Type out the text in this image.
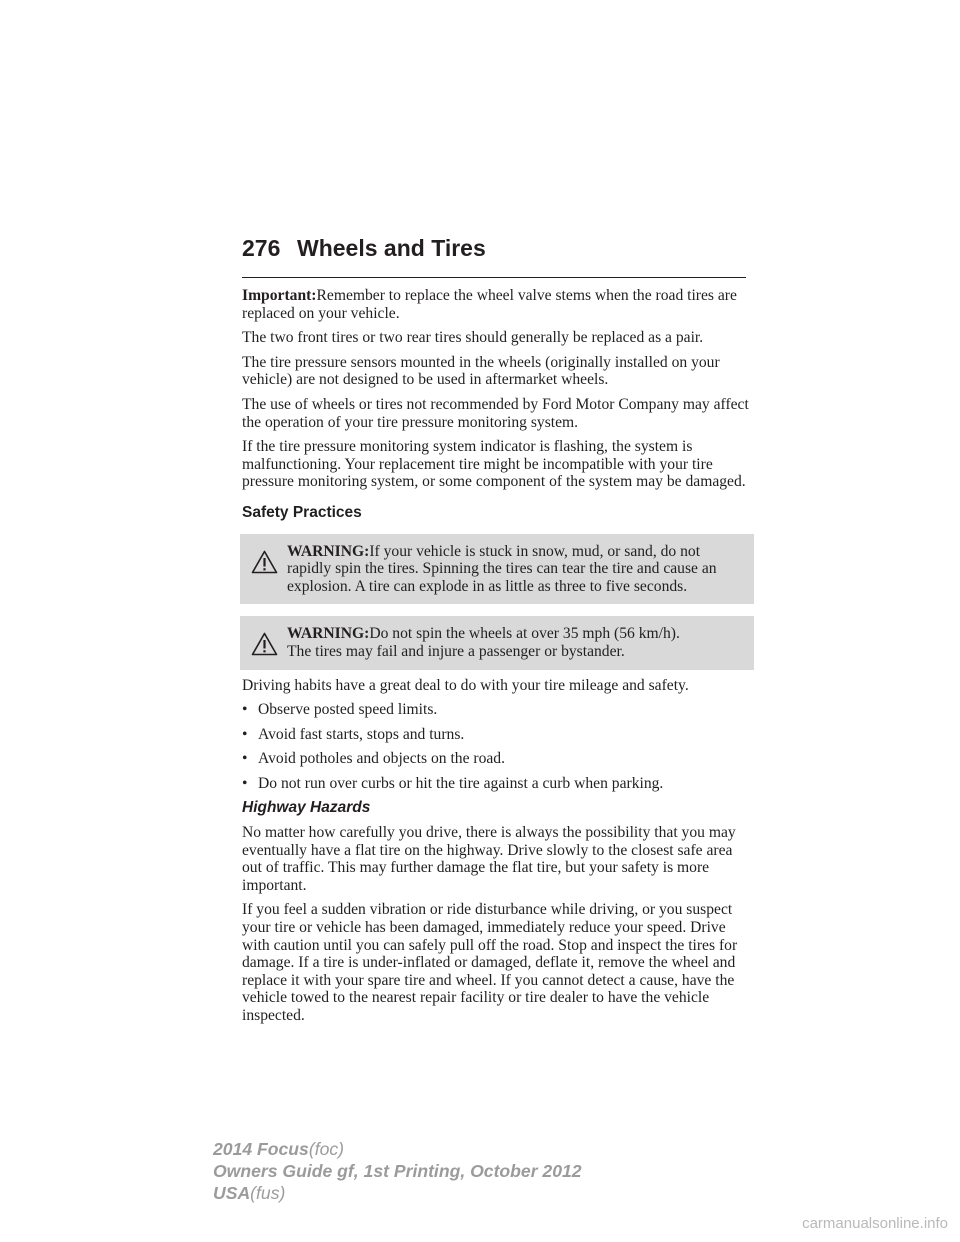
276 Wheels and Tires

Important:Remember to replace the wheel valve stems when the road tires are replaced on your vehicle.

The two front tires or two rear tires should generally be replaced as a pair.

The tire pressure sensors mounted in the wheels (originally installed on your vehicle) are not designed to be used in aftermarket wheels.

The use of wheels or tires not recommended by Ford Motor Company may affect the operation of your tire pressure monitoring system.

If the tire pressure monitoring system indicator is flashing, the system is malfunctioning. Your replacement tire might be incompatible with your tire pressure monitoring system, or some component of the system may be damaged.

Safety Practices
WARNING:If your vehicle is stuck in snow, mud, or sand, do not
rapidly spin the tires. Spinning the tires can tear the tire and cause an explosion. A tire can explode in as little as three to five seconds.
WARNING:Do not spin the wheels at over 35 mph (56 km/h).
The tires may fail and injure a passenger or bystander.

Driving habits have a great deal to do with your tire mileage and safety.

• Observe posted speed limits.
• Avoid fast starts, stops and turns.
• Avoid potholes and objects on the road.
• Do not run over curbs or hit the tire against a curb when parking.
Highway Hazards

No matter how carefully you drive, there is always the possibility that you may eventually have a flat tire on the highway. Drive slowly to the closest safe area out of traffic. This may further damage the flat tire, but your safety is more important.

If you feel a sudden vibration or ride disturbance while driving, or you suspect your tire or vehicle has been damaged, immediately reduce your speed. Drive with caution until you can safely pull off the road. Stop and inspect the tires for damage. If a tire is under-inflated or damaged, deflate it, remove the wheel and replace it with your spare tire and wheel. If you cannot detect a cause, have the vehicle towed to the nearest repair facility or tire dealer to have the vehicle inspected.

2014 Focus(foc)
Owners Guide gf, 1st Printing, October 2012
USA(fus)
carmanualsonline.info
